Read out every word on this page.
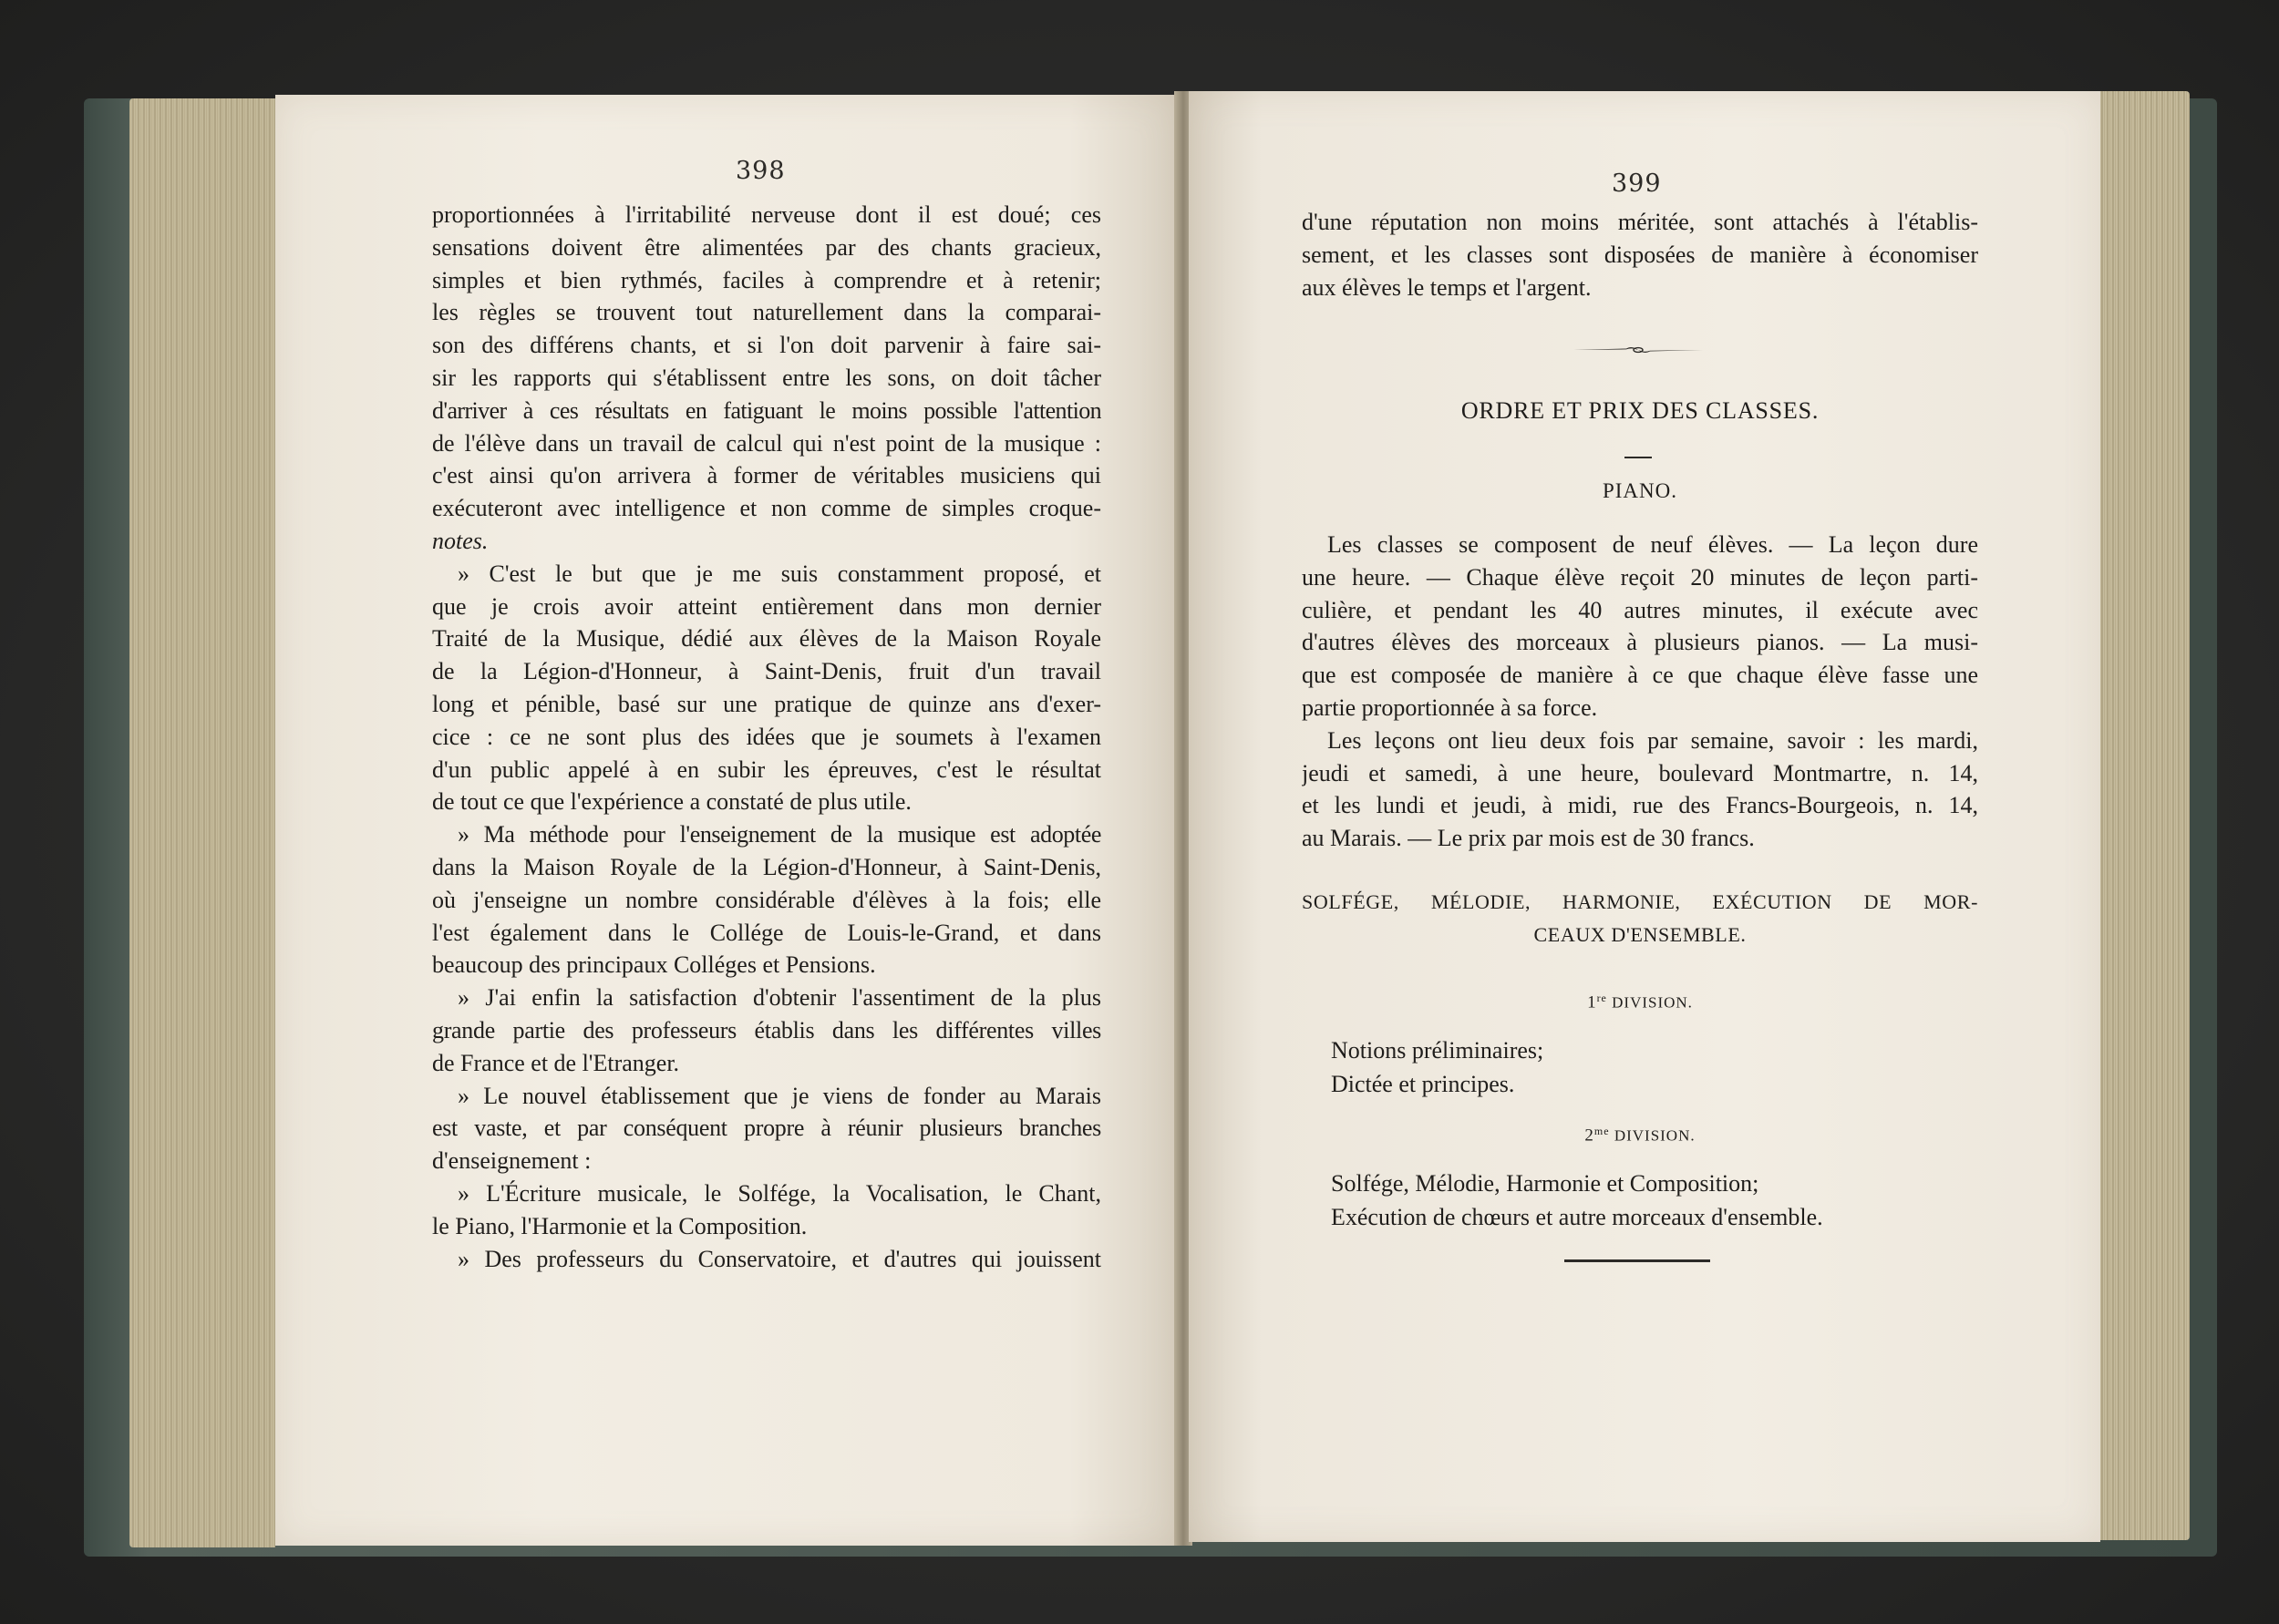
398
proportionnées à l'irritabilité nerveuse dont il est doué; ces
sensations doivent être alimentées par des chants gracieux,
simples et bien rythmés, faciles à comprendre et à retenir;
les règles se trouvent tout naturellement dans la comparai-
son des différens chants, et si l'on doit parvenir à faire sai-
sir les rapports qui s'établissent entre les sons, on doit tâcher
d'arriver à ces résultats en fatiguant le moins possible l'attention
de l'élève dans un travail de calcul qui n'est point de la musique :
c'est ainsi qu'on arrivera à former de véritables musiciens qui
exécuteront avec intelligence et non comme de simples croque-
notes.
» C'est le but que je me suis constamment proposé, et
que je crois avoir atteint entièrement dans mon dernier
Traité de la Musique, dédié aux élèves de la Maison Royale
de la Légion-d'Honneur, à Saint-Denis, fruit d'un travail
long et pénible, basé sur une pratique de quinze ans d'exer-
cice : ce ne sont plus des idées que je soumets à l'examen
d'un public appelé à en subir les épreuves, c'est le résultat
de tout ce que l'expérience a constaté de plus utile.
» Ma méthode pour l'enseignement de la musique est adoptée
dans la Maison Royale de la Légion-d'Honneur, à Saint-Denis,
où j'enseigne un nombre considérable d'élèves à la fois; elle
l'est également dans le Collége de Louis-le-Grand, et dans
beaucoup des principaux Colléges et Pensions.
» J'ai enfin la satisfaction d'obtenir l'assentiment de la plus
grande partie des professeurs établis dans les différentes villes
de France et de l'Etranger.
» Le nouvel établissement que je viens de fonder au Marais
est vaste, et par conséquent propre à réunir plusieurs branches
d'enseignement :
» L'Écriture musicale, le Solfége, la Vocalisation, le Chant,
le Piano, l'Harmonie et la Composition.
» Des professeurs du Conservatoire, et d'autres qui jouissent
399
d'une réputation non moins méritée, sont attachés à l'établis-
sement, et les classes sont disposées de manière à économiser
aux élèves le temps et l'argent.
ORDRE ET PRIX DES CLASSES.
PIANO.
Les classes se composent de neuf élèves. — La leçon dure
une heure. — Chaque élève reçoit 20 minutes de leçon parti-
culière, et pendant les 40 autres minutes, il exécute avec
d'autres élèves des morceaux à plusieurs pianos. — La musi-
que est composée de manière à ce que chaque élève fasse une
partie proportionnée à sa force.
Les leçons ont lieu deux fois par semaine, savoir : les mardi,
jeudi et samedi, à une heure, boulevard Montmartre, n. 14,
et les lundi et jeudi, à midi, rue des Francs-Bourgeois, n. 14,
au Marais. — Le prix par mois est de 30 francs.
SOLFÉGE, MÉLODIE, HARMONIE, EXÉCUTION DE MOR-
CEAUX D'ENSEMBLE.
1re DIVISION.
Notions préliminaires;
Dictée et principes.
$2^{me}$ DIVISION.
Solfége, Mélodie, Harmonie et Composition;
Exécution de chœurs et autre morceaux d'ensemble.
